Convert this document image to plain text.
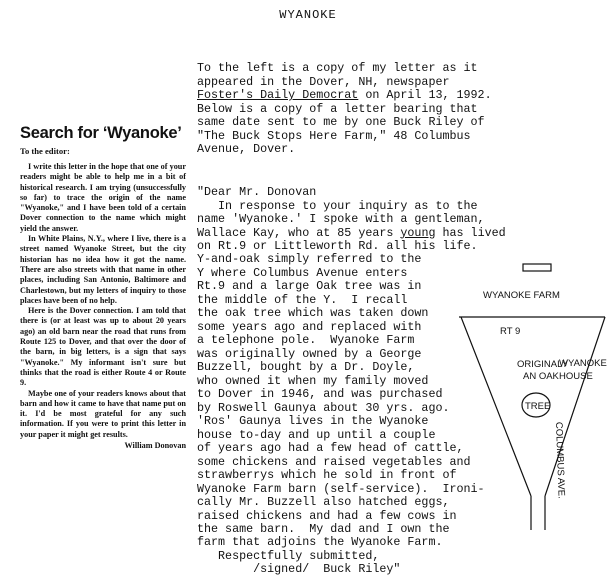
WYANOKE
Search for ‘Wyanoke’
To the editor:

I write this letter in the hope that one of your readers might be able to help me in a bit of historical research. I am trying (unsuccessfully so far) to trace the origin of the name "Wyanoke," and I have been told of a certain Dover connection to the name which might yield the answer.

In White Plains, N.Y., where I live, there is a street named Wyanoke Street, but the city historian has no idea how it got the name. There are also streets with that name in other places, including San Antonio, Baltimore and Charlestown, but my letters of inquiry to those places have been of no help.

Here is the Dover connection. I am told that there is (or at least was up to about 20 years ago) an old barn near the road that runs from Route 125 to Dover, and that over the door of the barn, in big letters, is a sign that says "Wyanoke." My informant isn't sure but thinks that the road is either Route 4 or Route 9.

Maybe one of your readers knows about that barn and how it came to have that name put on it. I'd be most grateful for any such information. If you were to print this letter in your paper it might get results.

William Donovan
To the left is a copy of my letter as it
appeared in the Dover, NH, newspaper
Foster's Daily Democrat on April 13, 1992.
Below is a copy of a letter bearing that
same date sent to me by one Buck Riley of
"The Buck Stops Here Farm," 48 Columbus
Avenue, Dover.
"Dear Mr. Donovan
In response to your inquiry as to the
name 'Wyanoke.' I spoke with a gentleman,
Wallace Kay, who at 85 years young has lived
on Rt.9 or Littleworth Rd. all his life.
Y-and-oak simply referred to the
Y where Columbus Avenue enters
Rt.9 and a large Oak tree was in
the middle of the Y.  I recall
the oak tree which was taken down
some years ago and replaced with
a telephone pole.  Wyanoke Farm
was originally owned by a George
Buzzell, bought by a Dr. Doyle,
who owned it when my family moved
to Dover in 1946, and was purchased
by Roswell Gaunya about 30 yrs. ago.
'Ros' Gaunya lives in the Wyanoke
house to-day and up until a couple
of years ago had a few head of cattle,
some chickens and raised vegetables and
strawberrys which he sold in front of
Wyanoke Farm barn (self-service).  Ironi-
cally Mr. Buzzell also hatched eggs,
raised chickens and had a few cows in
the same barn.  My dad and I own the
farm that adjoins the Wyanoke Farm.
Respectfully submitted,
/signed/  Buck Riley"
WYANOKE FARM
RT 9
ORIGINALY
AN OAK
TREE
WYANOKE
HOUSE
COLUMBUS AVE.
